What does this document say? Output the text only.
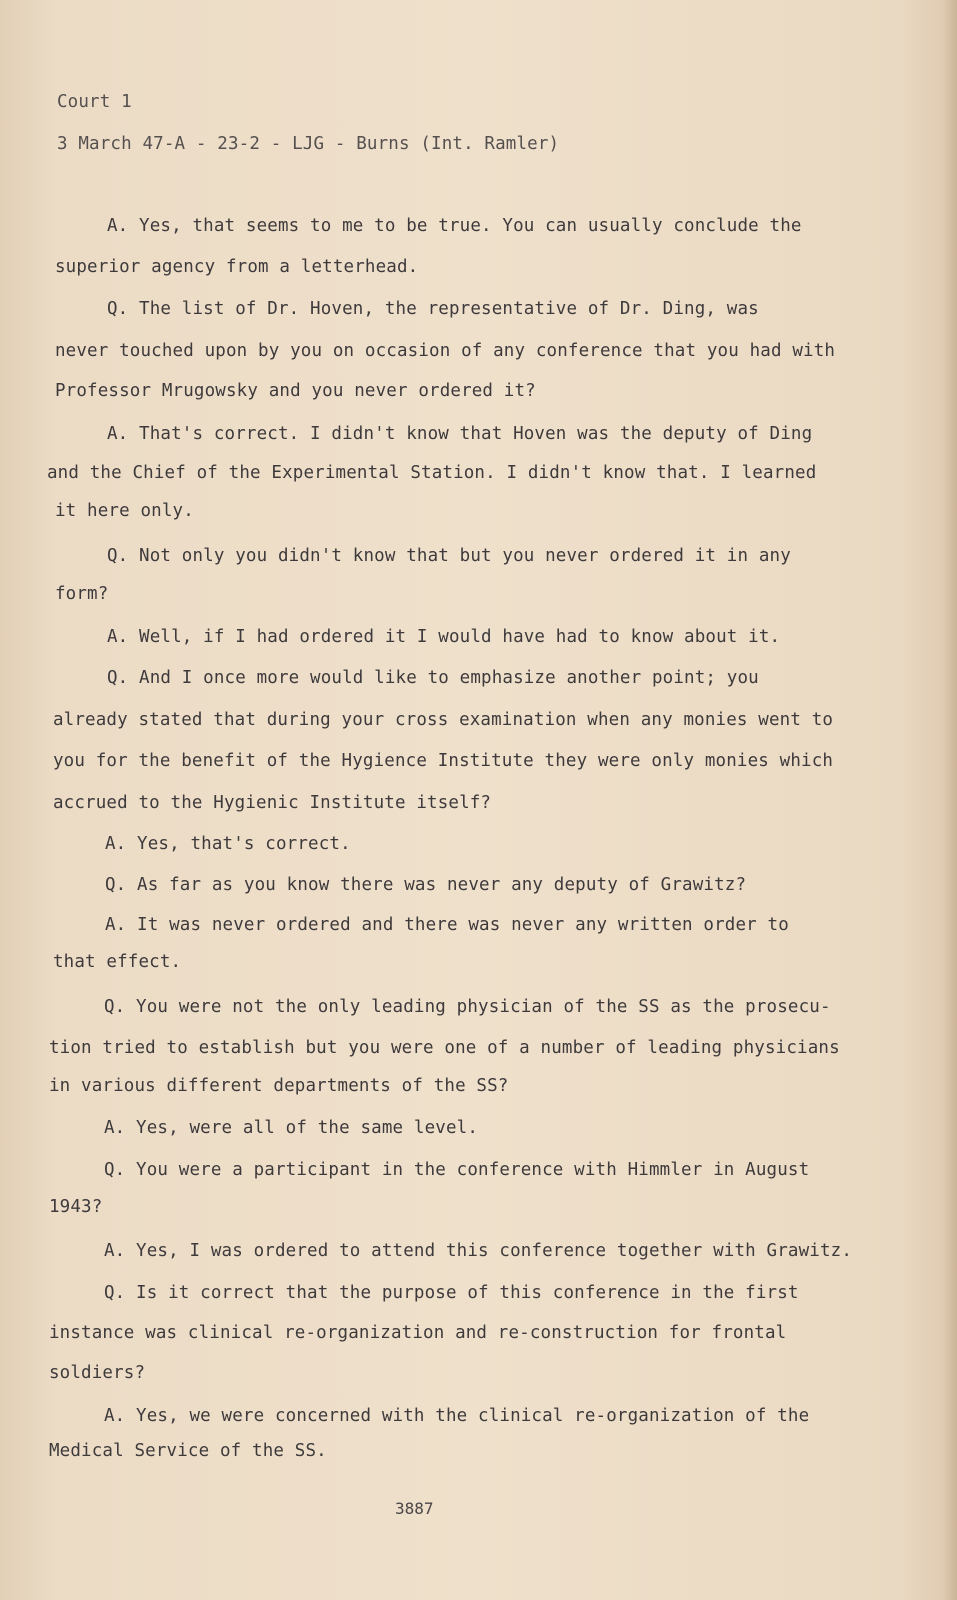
Court 1
3 March 47-A - 23-2 - LJG - Burns (Int. Ramler)
A. Yes, that seems to me to be true. You can usually conclude the
superior agency from a letterhead.
Q. The list of Dr. Hoven, the representative of Dr. Ding, was
never touched upon by you on occasion of any conference that you had with
Professor Mrugowsky and you never ordered it?
A. That's correct. I didn't know that Hoven was the deputy of Ding
and the Chief of the Experimental Station. I didn't know that. I learned
it here only.
Q. Not only you didn't know that but you never ordered it in any
form?
A. Well, if I had ordered it I would have had to know about it.
Q. And I once more would like to emphasize another point; you
already stated that during your cross examination when any monies went to
you for the benefit of the Hygience Institute they were only monies which
accrued to the Hygienic Institute itself?
A. Yes, that's correct.
Q. As far as you know there was never any deputy of Grawitz?
A. It was never ordered and there was never any written order to
that effect.
Q. You were not the only leading physician of the SS as the prosecu-
tion tried to establish but you were one of a number of leading physicians
in various different departments of the SS?
A. Yes, were all of the same level.
Q. You were a participant in the conference with Himmler in August
1943?
A. Yes, I was ordered to attend this conference together with Grawitz.
Q. Is it correct that the purpose of this conference in the first
instance was clinical re-organization and re-construction for frontal
soldiers?
A. Yes, we were concerned with the clinical re-organization of the
Medical Service of the SS.
3887
